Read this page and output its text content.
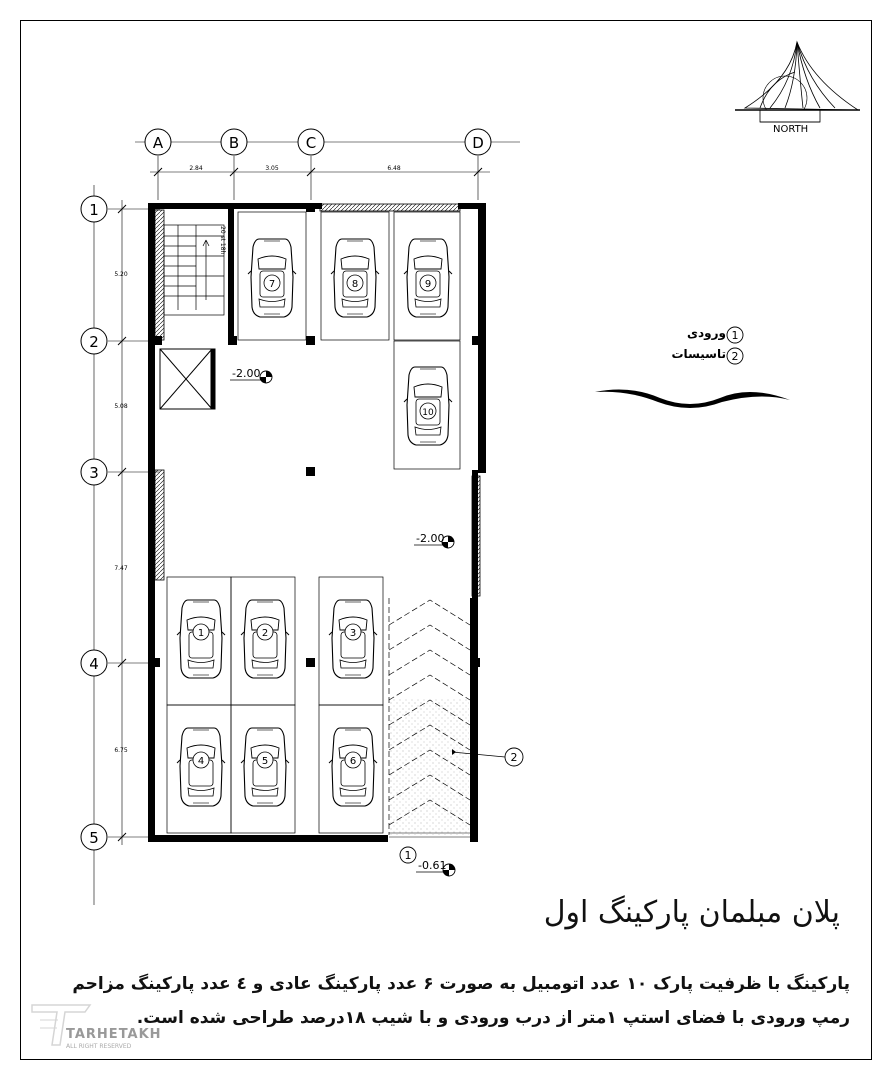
A	B	C	D
1
2
3
4
5
2.84	3.05	6.48
5.20
5.08
7.47
6.75
20 st 18h
7	8	9
10
1	2	3
4	5	6	2
-2.00
-2.00
-0.61
1
1
2
NORTH
ورودی
تاسیسات
پلان مبلمان پارکینگ اول
پارکینگ با ظرفیت پارک ۱۰ عدد اتومبیل به صورت ۶ عدد پارکینگ عادی و ٤ عدد پارکینگ مزاحم
رمپ ورودی با فضای استپ ۱متر از درب ورودی و با شیب ۱۸درصد طراحی شده است.
TARHETAKH
ALL RIGHT RESERVED
